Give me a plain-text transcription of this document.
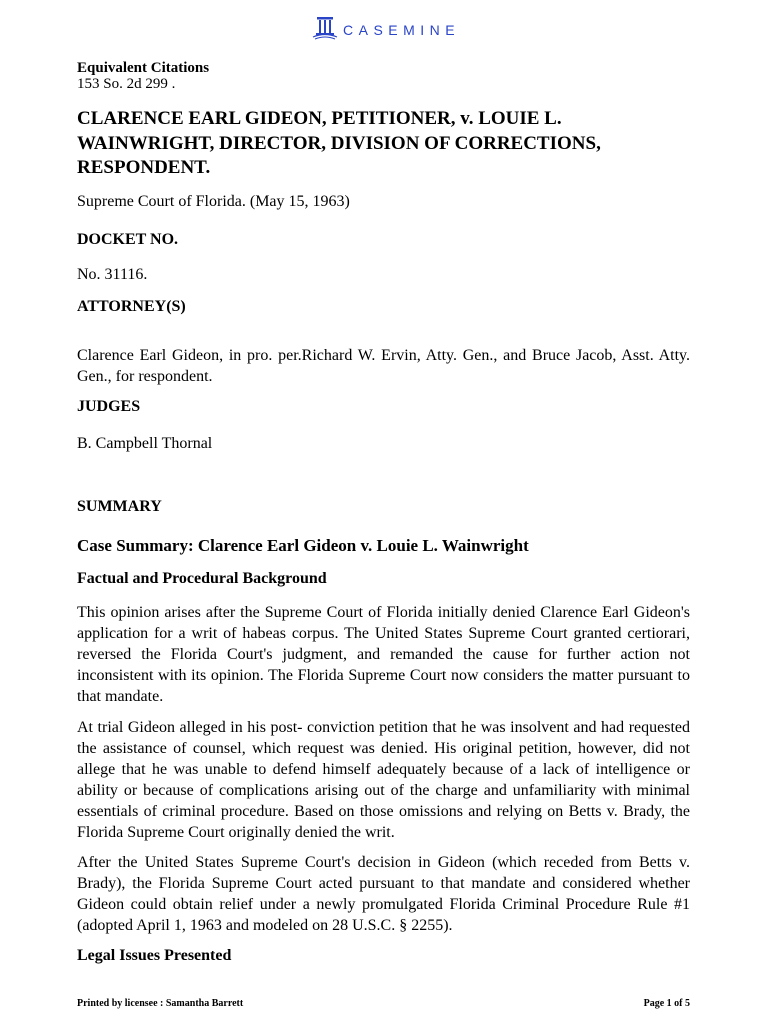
CASEMINE
Equivalent Citations
153 So. 2d 299 .
CLARENCE EARL GIDEON, PETITIONER, v. LOUIE L. WAINWRIGHT, DIRECTOR, DIVISION OF CORRECTIONS, RESPONDENT.
Supreme Court of Florida. (May 15, 1963)
DOCKET NO.
No. 31116.
ATTORNEY(S)
Clarence Earl Gideon, in pro. per.Richard W. Ervin, Atty. Gen., and Bruce Jacob, Asst. Atty. Gen., for respondent.
JUDGES
B. Campbell Thornal
SUMMARY
Case Summary: Clarence Earl Gideon v. Louie L. Wainwright
Factual and Procedural Background
This opinion arises after the Supreme Court of Florida initially denied Clarence Earl Gideon's application for a writ of habeas corpus. The United States Supreme Court granted certiorari, reversed the Florida Court's judgment, and remanded the cause for further action not inconsistent with its opinion. The Florida Supreme Court now considers the matter pursuant to that mandate.
At trial Gideon alleged in his post- conviction petition that he was insolvent and had requested the assistance of counsel, which request was denied. His original petition, however, did not allege that he was unable to defend himself adequately because of a lack of intelligence or ability or because of complications arising out of the charge and unfamiliarity with minimal essentials of criminal procedure. Based on those omissions and relying on Betts v. Brady, the Florida Supreme Court originally denied the writ.
After the United States Supreme Court's decision in Gideon (which receded from Betts v. Brady), the Florida Supreme Court acted pursuant to that mandate and considered whether Gideon could obtain relief under a newly promulgated Florida Criminal Procedure Rule #1 (adopted April 1, 1963 and modeled on 28 U.S.C. § 2255).
Legal Issues Presented
Printed by licensee : Samantha Barrett	Page 1 of 5
